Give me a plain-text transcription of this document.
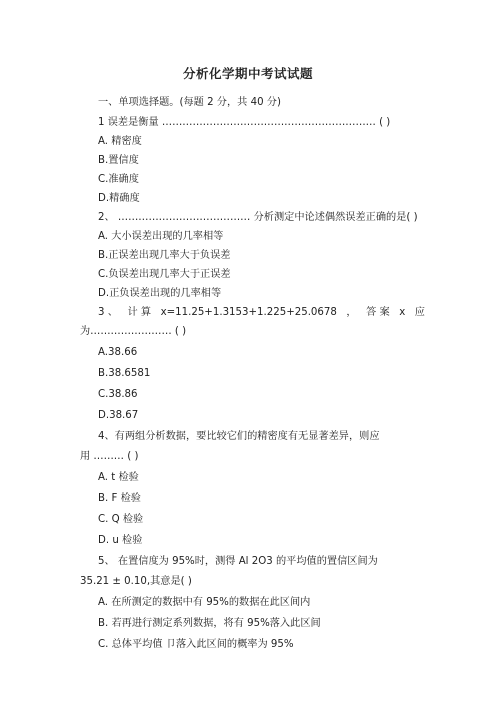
分析化学期中考试试题
一、单项选择题。(每题 2 分，共 40 分)
1 误差是衡量 ……………………………………………………… ( )
A. 精密度
B.置信度
C.准确度
D.精确度
2、 ………………………………… 分析测定中论述偶然误差正确的是( )
A. 大小误差出现的几率相等
B.正误差出现几率大于负误差
C.负误差出现几率大于正误差
D.正负误差出现的几率相等
3 、 计 算 x=11.25+1.3153+1.225+25.0678 ， 答 案 x 应
为…………………… ( )
A.38.66
B.38.6581
C.38.86
D.38.67
4、有两组分析数据，要比较它们的精密度有无显著差异，则应
用 ……… ( )
A. t 检验
B. F 检验
C. Q 检验
D. u 检验
5、 在置信度为 95%时，测得 Al 2O3 的平均值的置信区间为
35.21 ± 0.10,其意是( )
A. 在所测定的数据中有 95%的数据在此区间内
B. 若再进行测定系列数据，将有 95%落入此区间
C. 总体平均值 卩落入此区间的概率为 95%
